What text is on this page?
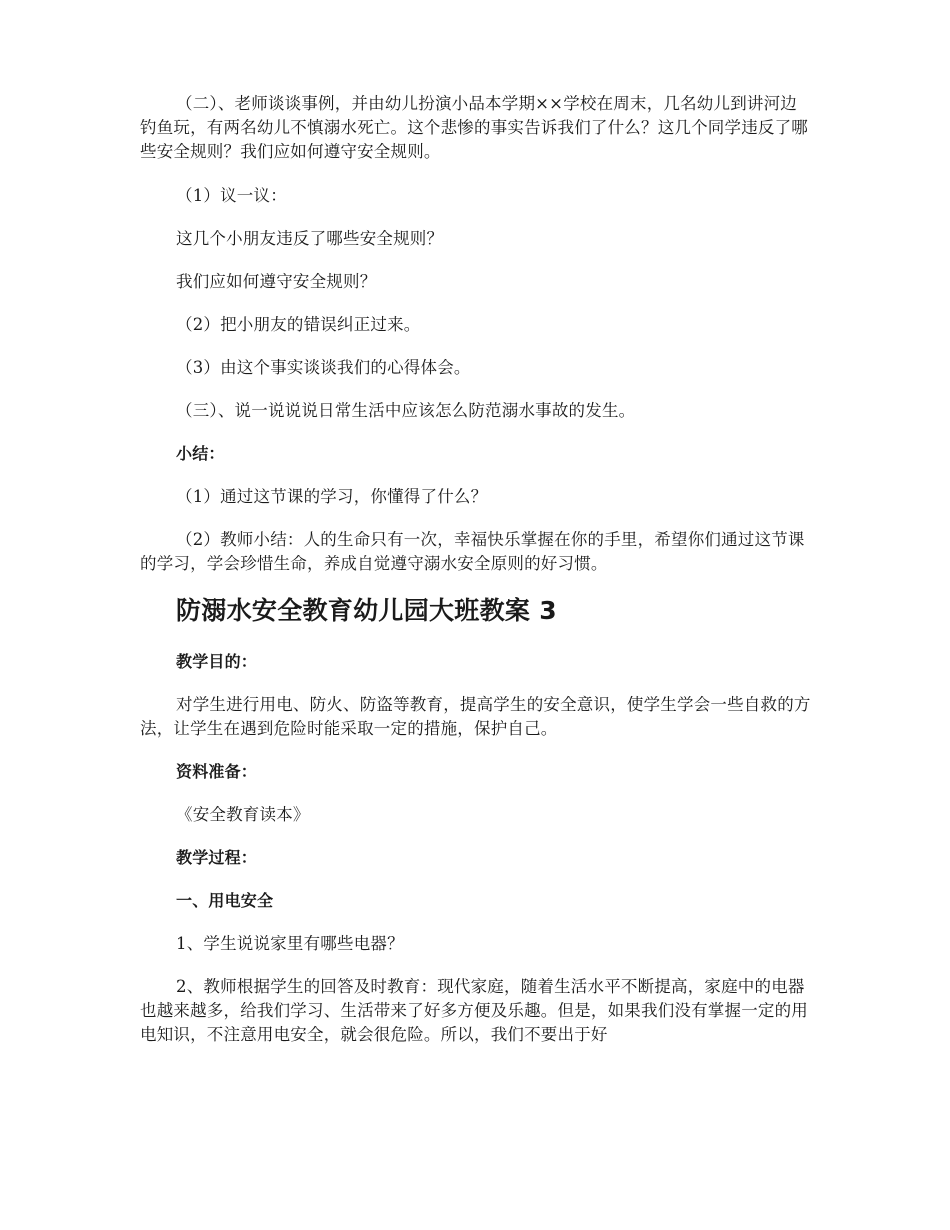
（二）、老师谈谈事例，并由幼儿扮演小品本学期××学校在周末，几名幼儿到讲河边钓鱼玩，有两名幼儿不慎溺水死亡。这个悲惨的事实告诉我们了什么？这几个同学违反了哪些安全规则？我们应如何遵守安全规则。

（1）议一议：

这几个小朋友违反了哪些安全规则？

我们应如何遵守安全规则？

（2）把小朋友的错误纠正过来。

（3）由这个事实谈谈我们的心得体会。

（三）、说一说说说日常生活中应该怎么防范溺水事故的发生。

小结：

（1）通过这节课的学习，你懂得了什么？

（2）教师小结：人的生命只有一次，幸福快乐掌握在你的手里，希望你们通过这节课的学习，学会珍惜生命，养成自觉遵守溺水安全原则的好习惯。

防溺水安全教育幼儿园大班教案 3

教学目的：

对学生进行用电、防火、防盗等教育，提高学生的安全意识，使学生学会一些自救的方法，让学生在遇到危险时能采取一定的措施，保护自己。

资料准备：

《安全教育读本》

教学过程：

一、用电安全

1、学生说说家里有哪些电器？

2、教师根据学生的回答及时教育：现代家庭，随着生活水平不断提高，家庭中的电器也越来越多，给我们学习、生活带来了好多方便及乐趣。但是，如果我们没有掌握一定的用电知识，不注意用电安全，就会很危险。所以，我们不要出于好
